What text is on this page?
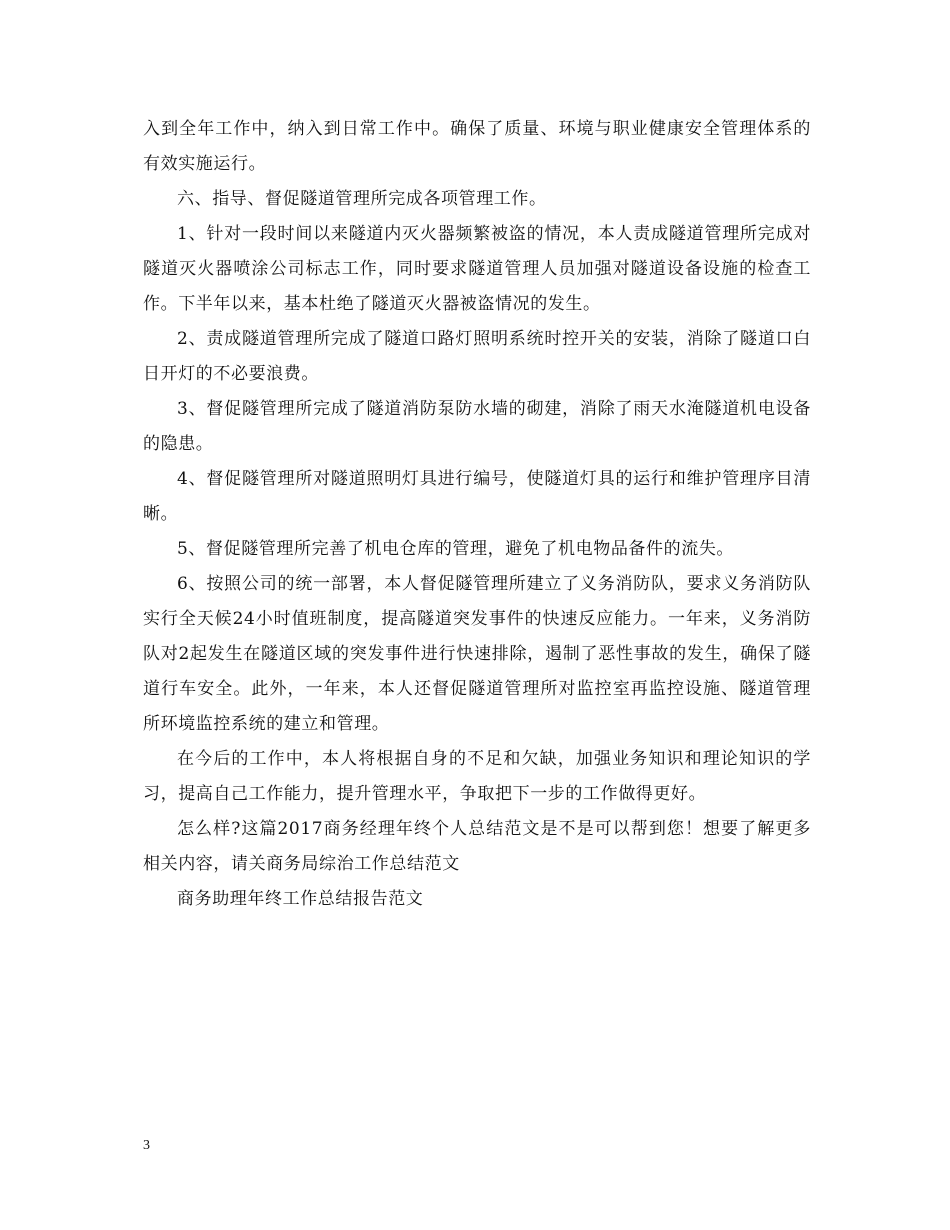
入到全年工作中，纳入到日常工作中。确保了质量、环境与职业健康安全管理体系的有效实施运行。

六、指导、督促隧道管理所完成各项管理工作。

1、针对一段时间以来隧道内灭火器频繁被盗的情况，本人责成隧道管理所完成对隧道灭火器喷涂公司标志工作，同时要求隧道管理人员加强对隧道设备设施的检查工作。下半年以来，基本杜绝了隧道灭火器被盗情况的发生。

2、责成隧道管理所完成了隧道口路灯照明系统时控开关的安装，消除了隧道口白日开灯的不必要浪费。

3、督促隧管理所完成了隧道消防泵防水墙的砌建，消除了雨天水淹隧道机电设备的隐患。

4、督促隧管理所对隧道照明灯具进行编号，使隧道灯具的运行和维护管理序目清晰。

5、督促隧管理所完善了机电仓库的管理，避免了机电物品备件的流失。

6、按照公司的统一部署，本人督促隧管理所建立了义务消防队，要求义务消防队实行全天候24小时值班制度，提高隧道突发事件的快速反应能力。一年来，义务消防队对2起发生在隧道区域的突发事件进行快速排除，遏制了恶性事故的发生，确保了隧道行车安全。此外，一年来，本人还督促隧道管理所对监控室再监控设施、隧道管理所环境监控系统的建立和管理。

在今后的工作中，本人将根据自身的不足和欠缺，加强业务知识和理论知识的学习，提高自己工作能力，提升管理水平，争取把下一步的工作做得更好。

怎么样?这篇2017商务经理年终个人总结范文是不是可以帮到您！想要了解更多相关内容，请关商务局综治工作总结范文

商务助理年终工作总结报告范文

3
